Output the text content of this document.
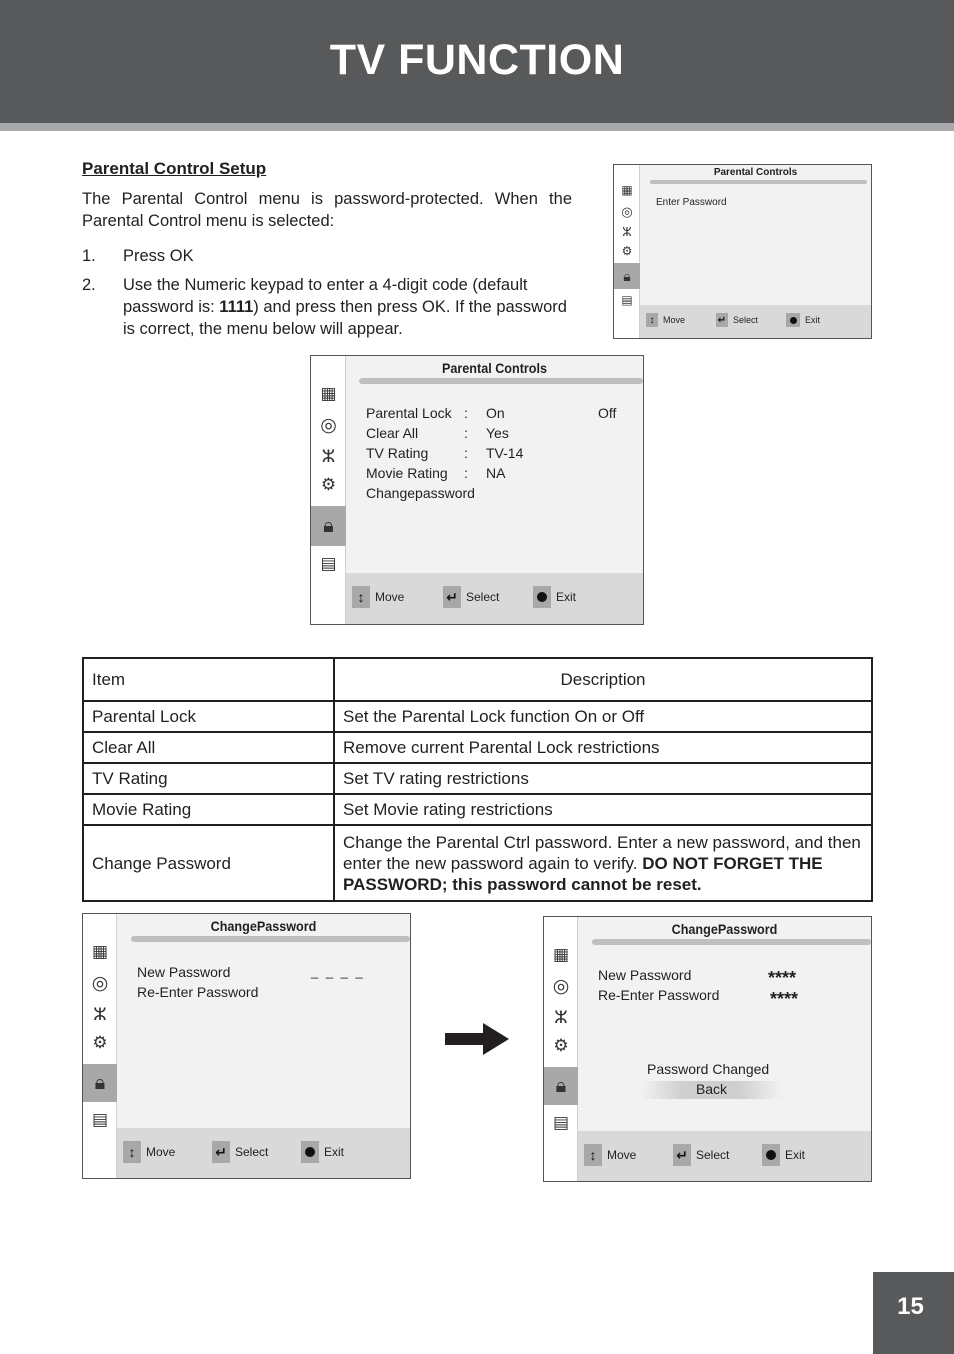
TV FUNCTION
Parental Control Setup
The Parental Control menu is password-protected. When the Parental Control menu is selected:
1.	Press OK
2.	Use the Numeric keypad to enter a 4-digit code (default password is: 1111) and press then press OK. If the password is correct, the menu below will appear.
▦
◎
ⵣ
⚙
🔒︎
▤
Parental Controls
Enter Password
↕ Move	↵ Select	Exit
▦
◎
ⵣ
⚙
🔒︎
▤
Parental Controls
Parental Lock : On	Off
Clear All	: Yes
TV Rating	: TV-14
Movie Rating : NA
Changepassword
↕ Move	↵ Select	Exit
Item	Description
Parental Lock	Set the Parental Lock function On or Off
Clear All	Remove current Parental Lock restrictions
TV Rating	Set TV rating restrictions
Movie Rating	Set Movie rating restrictions
Change Password	Change the Parental Ctrl password. Enter a new password, and then enter the new password again to verify. DO NOT FORGET THE PASSWORD; this password cannot be reset.
▦
◎
ⵣ
⚙
🔒︎
▤
ChangePassword
New Password	_ _ _ _
Re-Enter Password
↕ Move	↵ Select	Exit
▦
◎
ⵣ
⚙
🔒︎
▤
ChangePassword
New Password	****
Re-Enter Password	****
Password Changed
Back
↕ Move	↵ Select	Exit
15
